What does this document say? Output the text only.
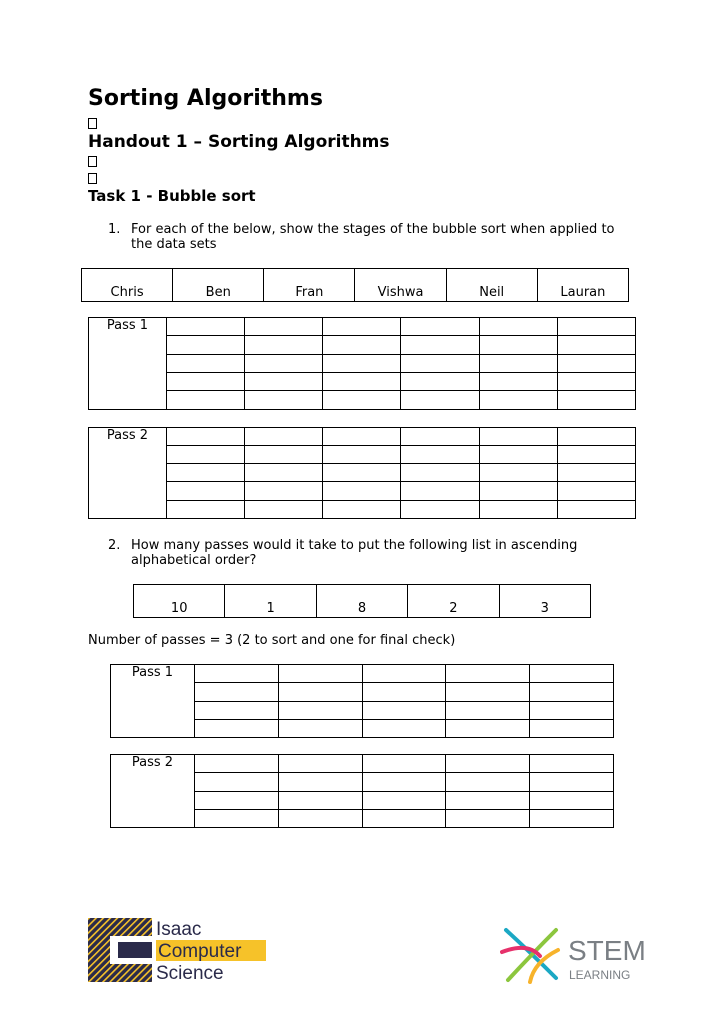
Sorting Algorithms
Handout 1 – Sorting Algorithms
Task 1 - Bubble sort
1. For each of the below, show the stages of the bubble sort when applied to
the data sets
Chris	Ben	Fran	Vishwa	Neil	Lauran
Pass 1						

Pass 2						

2. How many passes would it take to put the following list in ascending
alphabetical order?
10	1	8	2	3
Number of passes = 3 (2 to sort and one for final check)
Pass 1					

Pass 2					

Isaac
Computer
Science
STEM
LEARNING
